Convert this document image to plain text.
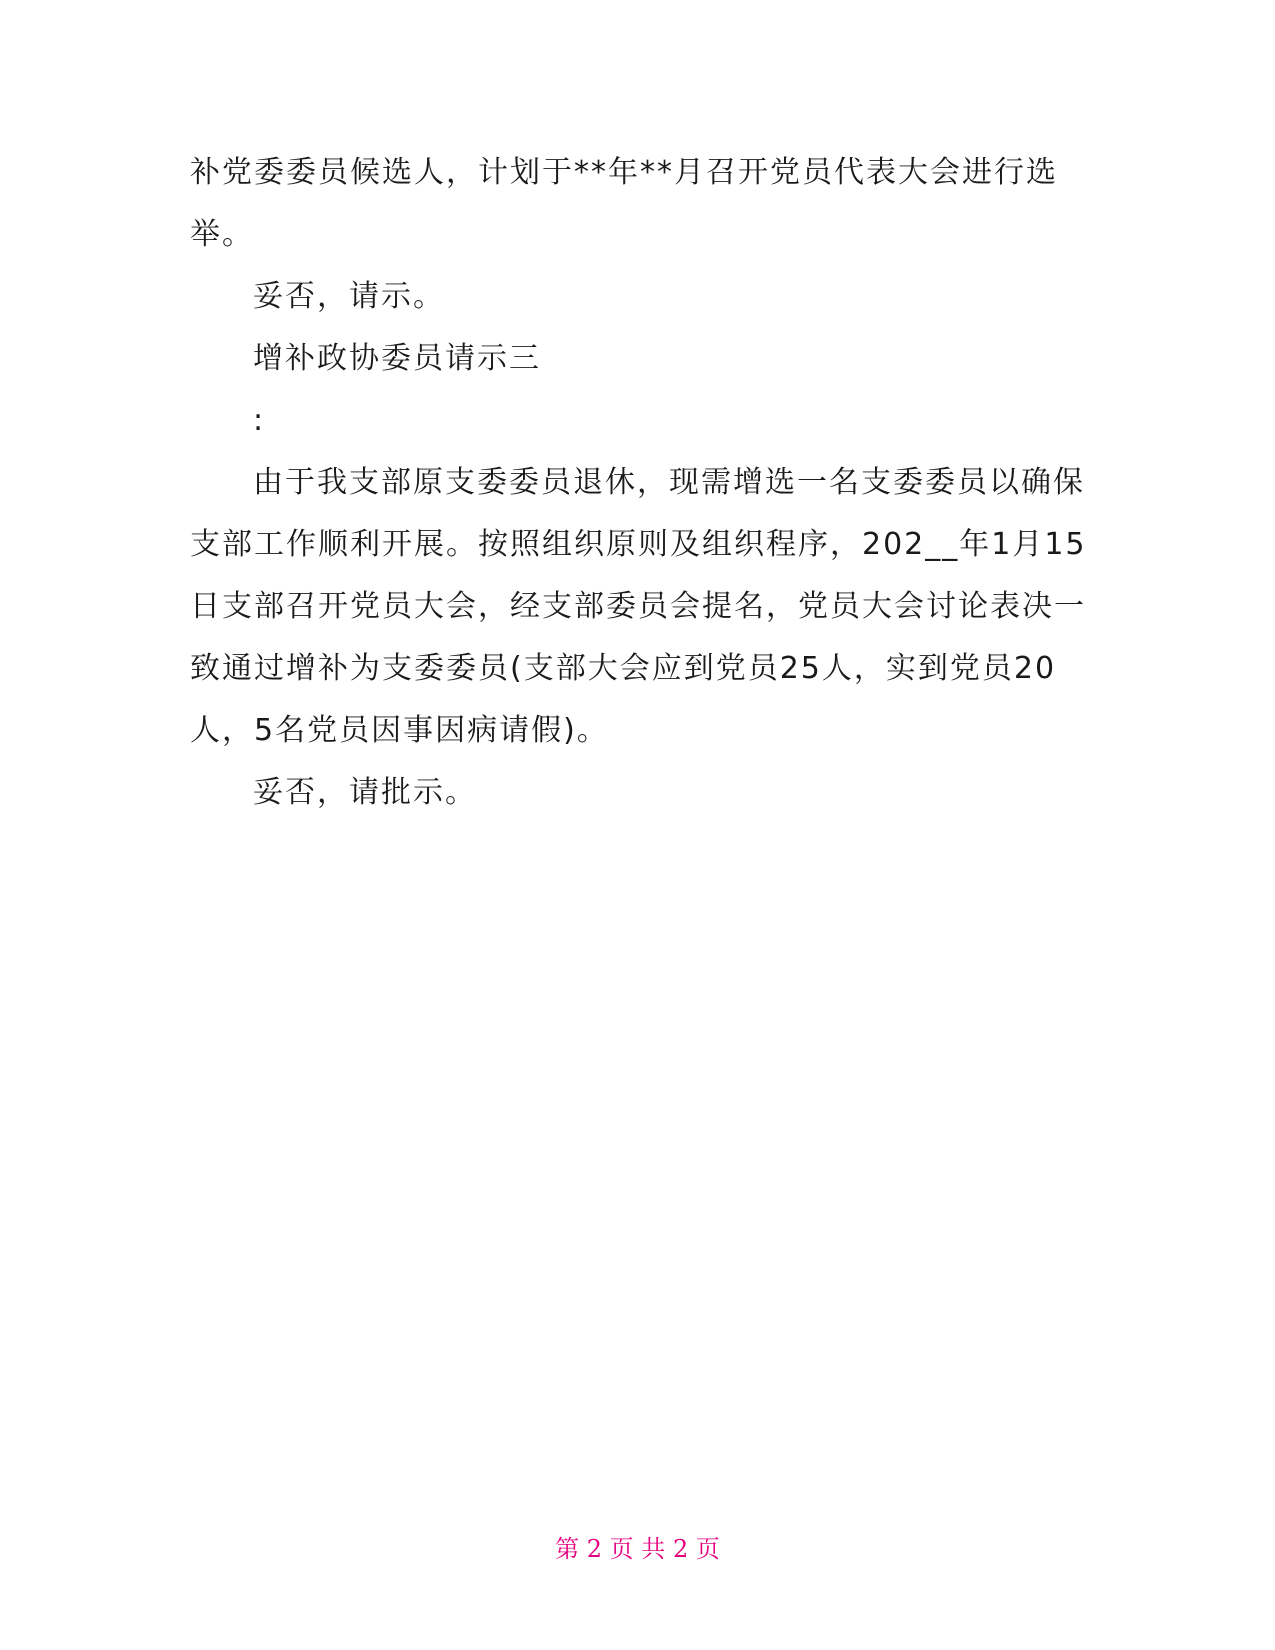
补党委委员候选人，计划于**年**月召开党员代表大会进行选举。

妥否，请示。

增补政协委员请示三

:

由于我支部原支委委员退休，现需增选一名支委委员以确保支部工作顺利开展。按照组织原则及组织程序，202__年1月15日支部召开党员大会，经支部委员会提名，党员大会讨论表决一致通过增补为支委委员(支部大会应到党员25人，实到党员20人，5名党员因事因病请假)。

妥否，请批示。

第 2 页 共 2 页
